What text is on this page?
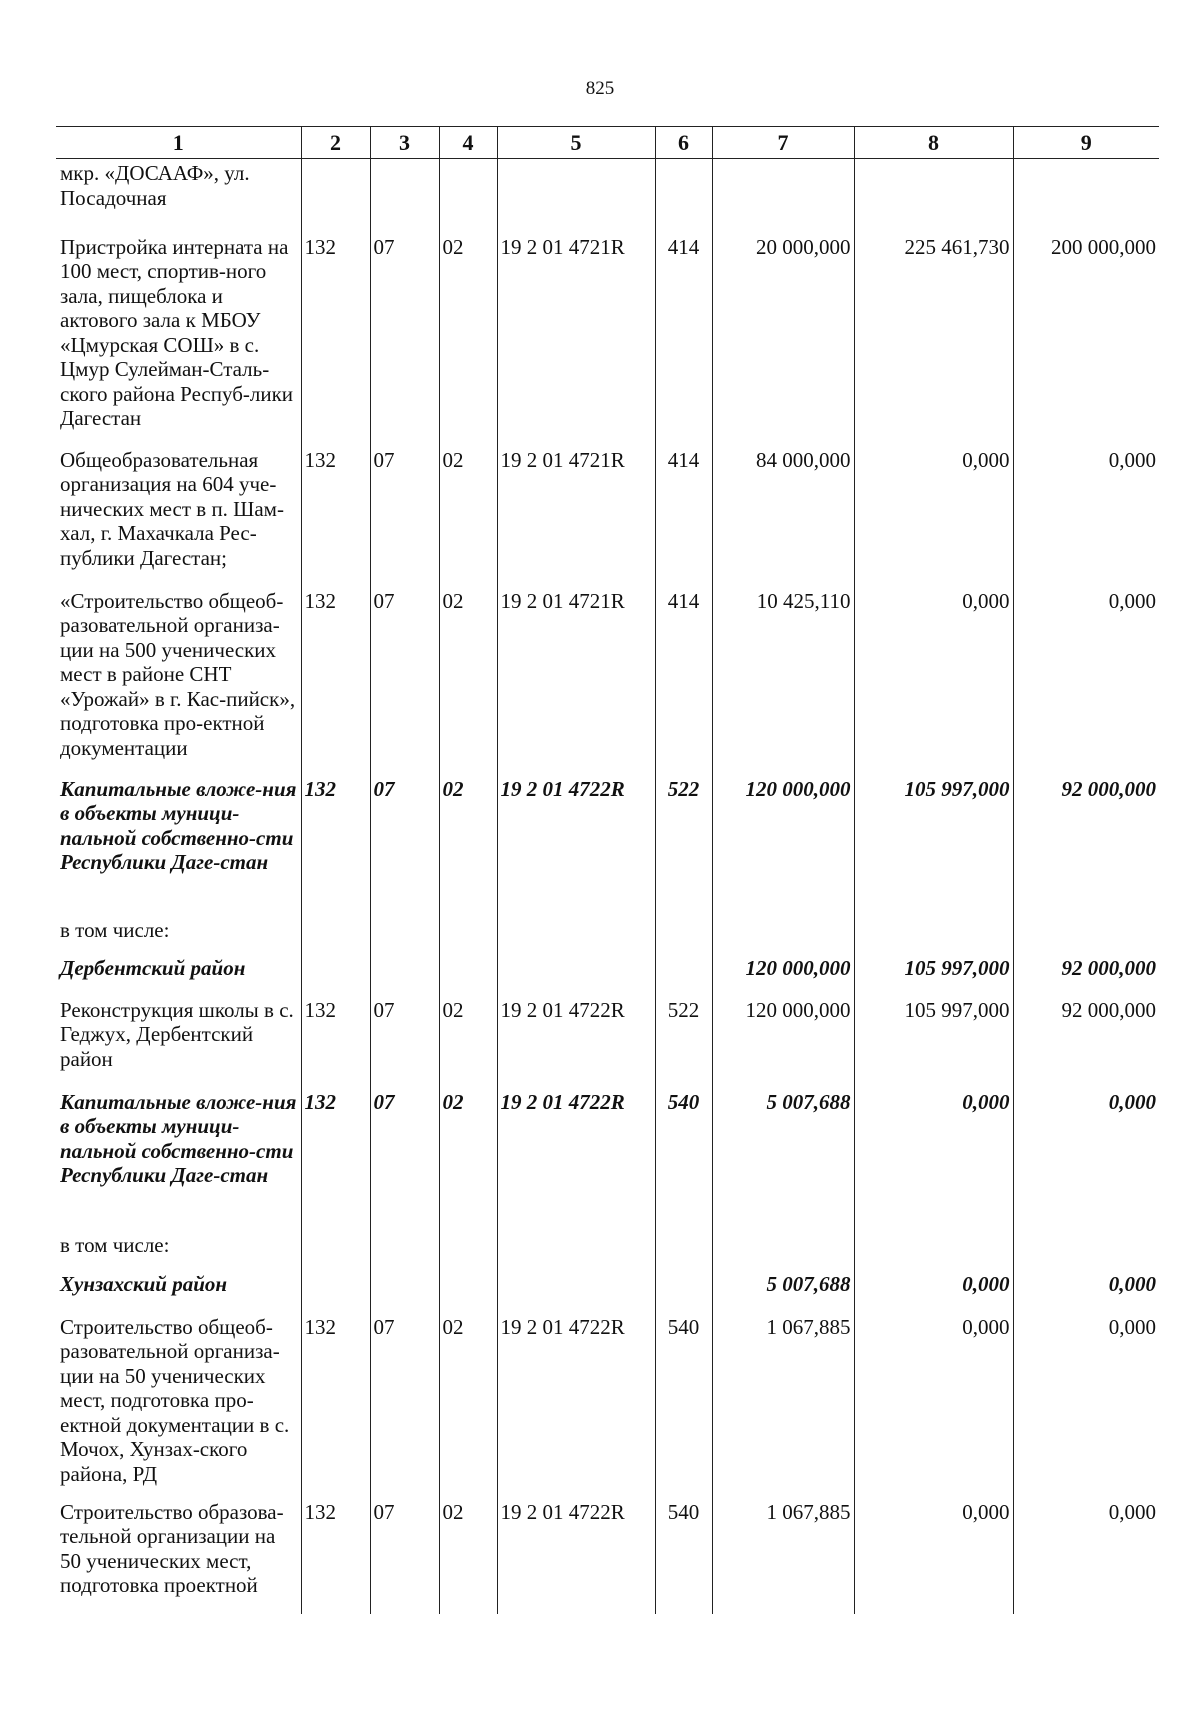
825
1	2	3	4	5	6	7	8	9
мкр. «ДОСААФ», ул. Посадочная								
Пристройка интерната на 100 мест, спортив-ного зала, пищеблока и актового зала к МБОУ «Цмурская СОШ» в с. Цмур Сулейман-Сталь-ского района Респуб-лики Дагестан	132	07	02	19 2 01 4721R	414	20 000,000	225 461,730	200 000,000
Общеобразовательная организация на 604 уче-нических мест в п. Шам-хал, г. Махачкала Рес-публики Дагестан;	132	07	02	19 2 01 4721R	414	84 000,000	0,000	0,000
«Строительство общеоб-разовательной организа-ции на 500 ученических мест в районе СНТ «Урожай» в г. Кас-пийск», подготовка про-ектной документации	132	07	02	19 2 01 4721R	414	10 425,110	0,000	0,000
Капитальные вложе-ния в объекты муници-пальной собственно-сти Республики Даге-стан	132	07	02	19 2 01 4722R	522	120 000,000	105 997,000	92 000,000
в том числе:								
Дербентский район						120 000,000	105 997,000	92 000,000
Реконструкция школы в с. Геджух, Дербентский район	132	07	02	19 2 01 4722R	522	120 000,000	105 997,000	92 000,000
Капитальные вложе-ния в объекты муници-пальной собственно-сти Республики Даге-стан	132	07	02	19 2 01 4722R	540	5 007,688	0,000	0,000
в том числе:								
Хунзахский район						5 007,688	0,000	0,000
Строительство общеоб-разовательной организа-ции на 50 ученических мест, подготовка про-ектной документации в с. Мочох, Хунзах-ского района, РД	132	07	02	19 2 01 4722R	540	1 067,885	0,000	0,000
Строительство образова-тельной организации на 50 ученических мест, подготовка проектной	132	07	02	19 2 01 4722R	540	1 067,885	0,000	0,000
